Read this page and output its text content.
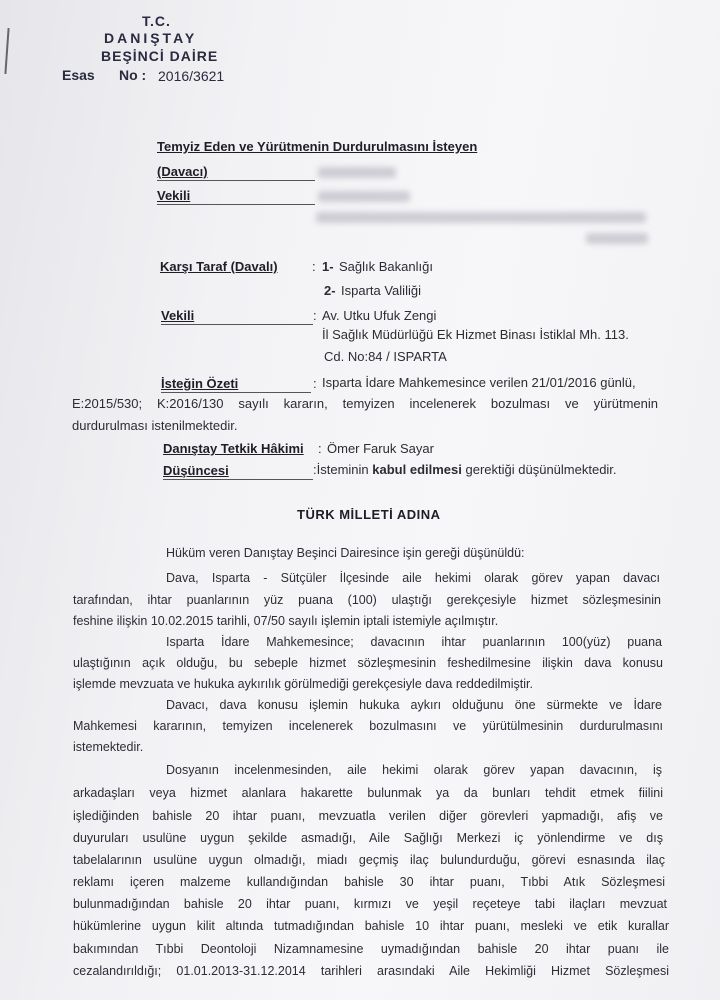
T.C.
DANIŞTAY
BEŞİNCİ DAİRE
Esas No : 2016/3621
Temyiz Eden ve Yürütmenin Durdurulmasını İsteyen
(Davacı)
Vekili
Karşı Taraf (Davalı)	: 1- Sağlık Bakanlığı
2- Isparta Valiliği
Vekili	: Av. Utku Ufuk Zengi
İl Sağlık Müdürlüğü Ek Hizmet Binası İstiklal Mh. 113.
Cd. No:84 / ISPARTA
İsteğin Özeti	: Isparta İdare Mahkemesince verilen 21/01/2016 günlü,
E:2015/530; K:2016/130 sayılı kararın, temyizen incelenerek bozulması ve yürütmenin
durdurulması istenilmektedir.
Danıştay Tetkik Hâkimi : Ömer Faruk Sayar
Düşüncesi	:İsteminin kabul edilmesi gerektiği düşünülmektedir.
TÜRK MİLLETİ ADINA
Hüküm veren Danıştay Beşinci Dairesince işin gereği düşünüldü:
Dava, Isparta - Sütçüler İlçesinde aile hekimi olarak görev yapan davacı
tarafından, ihtar puanlarının yüz puana (100) ulaştığı gerekçesiyle hizmet sözleşmesinin
feshine ilişkin 10.02.2015 tarihli, 07/50 sayılı işlemin iptali istemiyle açılmıştır.
Isparta İdare Mahkemesince; davacının ihtar puanlarının 100(yüz) puana
ulaştığının açık olduğu, bu sebeple hizmet sözleşmesinin feshedilmesine ilişkin dava konusu
işlemde mevzuata ve hukuka aykırılık görülmediği gerekçesiyle dava reddedilmiştir.
Davacı, dava konusu işlemin hukuka aykırı olduğunu öne sürmekte ve İdare
Mahkemesi kararının, temyizen incelenerek bozulmasını ve yürütülmesinin durdurulmasını
istemektedir.
Dosyanın incelenmesinden, aile hekimi olarak görev yapan davacının, iş
arkadaşları veya hizmet alanlara hakarette bulunmak ya da bunları tehdit etmek fiilini
işlediğinden bahisle 20 ihtar puanı, mevzuatla verilen diğer görevleri yapmadığı, afiş ve
duyuruları usulüne uygun şekilde asmadığı, Aile Sağlığı Merkezi iç yönlendirme ve dış
tabelalarının usulüne uygun olmadığı, miadı geçmiş ilaç bulundurduğu, görevi esnasında ilaç
reklamı içeren malzeme kullandığından bahisle 30 ihtar puanı, Tıbbi Atık Sözleşmesi
bulunmadığından bahisle 20 ihtar puanı, kırmızı ve yeşil reçeteye tabi ilaçları mevzuat
hükümlerine uygun kilit altında tutmadığından bahisle 10 ihtar puanı, mesleki ve etik kurallar
bakımından Tıbbi Deontoloji Nizamnamesine uymadığından bahisle 20 ihtar puanı ile
cezalandırıldığı; 01.01.2013-31.12.2014 tarihleri arasındaki Aile Hekimliği Hizmet Sözleşmesi
